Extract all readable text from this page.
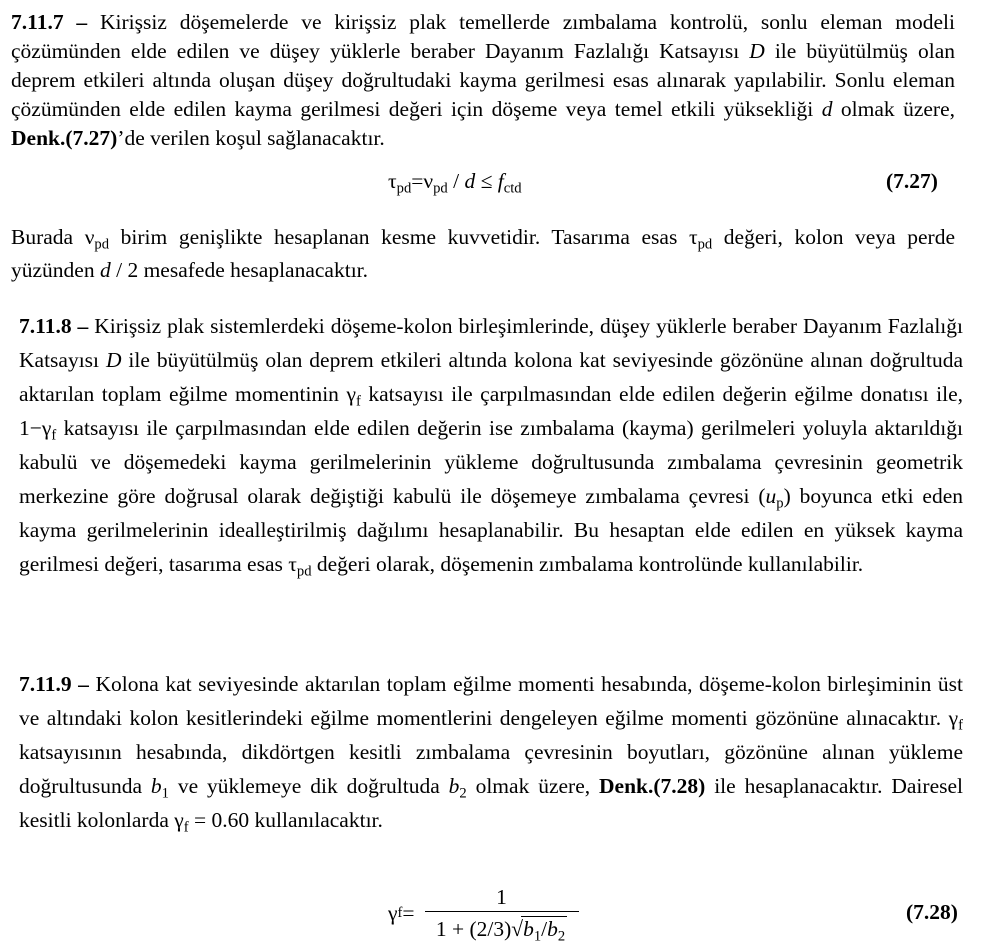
7.11.7 – Kirişsiz döşemelerde ve kirişsiz plak temellerde zımbalama kontrolü, sonlu eleman modeli çözümünden elde edilen ve düşey yüklerle beraber Dayanım Fazlalığı Katsayısı D ile büyütülmüş olan deprem etkileri altında oluşan düşey doğrultudaki kayma gerilmesi esas alınarak yapılabilir. Sonlu eleman çözümünden elde edilen kayma gerilmesi değeri için döşeme veya temel etkili yüksekliği d olmak üzere, Denk.(7.27)’de verilen koşul sağlanacaktır.

$\tau_{pd}=\nu_{pd} / d \le f_{ctd}$	(7.27)

Burada $\nu_{pd}$ birim genişlikte hesaplanan kesme kuvvetidir. Tasarıma esas $\tau_{pd}$ değeri, kolon veya perde yüzünden d / 2 mesafede hesaplanacaktır.

7.11.8 – Kirişsiz plak sistemlerdeki döşeme-kolon birleşimlerinde, düşey yüklerle beraber Dayanım Fazlalığı Katsayısı D ile büyütülmüş olan deprem etkileri altında kolona kat seviyesinde gözönüne alınan doğrultuda aktarılan toplam eğilme momentinin $\gamma_f$ katsayısı ile çarpılmasından elde edilen değerin eğilme donatısı ile, $1-\gamma_f$ katsayısı ile çarpılmasından elde edilen değerin ise zımbalama (kayma) gerilmeleri yoluyla aktarıldığı kabulü ve döşemedeki kayma gerilmelerinin yükleme doğrultusunda zımbalama çevresinin geometrik merkezine göre doğrusal olarak değiştiği kabulü ile döşemeye zımbalama çevresi $(u_p)$ boyunca etki eden kayma gerilmelerinin idealleştirilmiş dağılımı hesaplanabilir. Bu hesaptan elde edilen en yüksek kayma gerilmesi değeri, tasarıma esas $\tau_{pd}$ değeri olarak, döşemenin zımbalama kontrolünde kullanılabilir.

7.11.9 – Kolona kat seviyesinde aktarılan toplam eğilme momenti hesabında, döşeme-kolon birleşiminin üst ve altındaki kolon kesitlerindeki eğilme momentlerini dengeleyen eğilme momenti gözönüne alınacaktır. $\gamma_f$ katsayısının hesabında, dikdörtgen kesitli zımbalama çevresinin boyutları, gözönüne alınan yükleme doğrultusunda $b_1$ ve yüklemeye dik doğrultuda $b_2$ olmak üzere, Denk.(7.28) ile hesaplanacaktır. Dairesel kesitli kolonlarda $\gamma_f = 0.60$ kullanılacaktır.

γ $f = \frac{1}{1 + (2/3)√b_1/b_2}$	(7.28)
